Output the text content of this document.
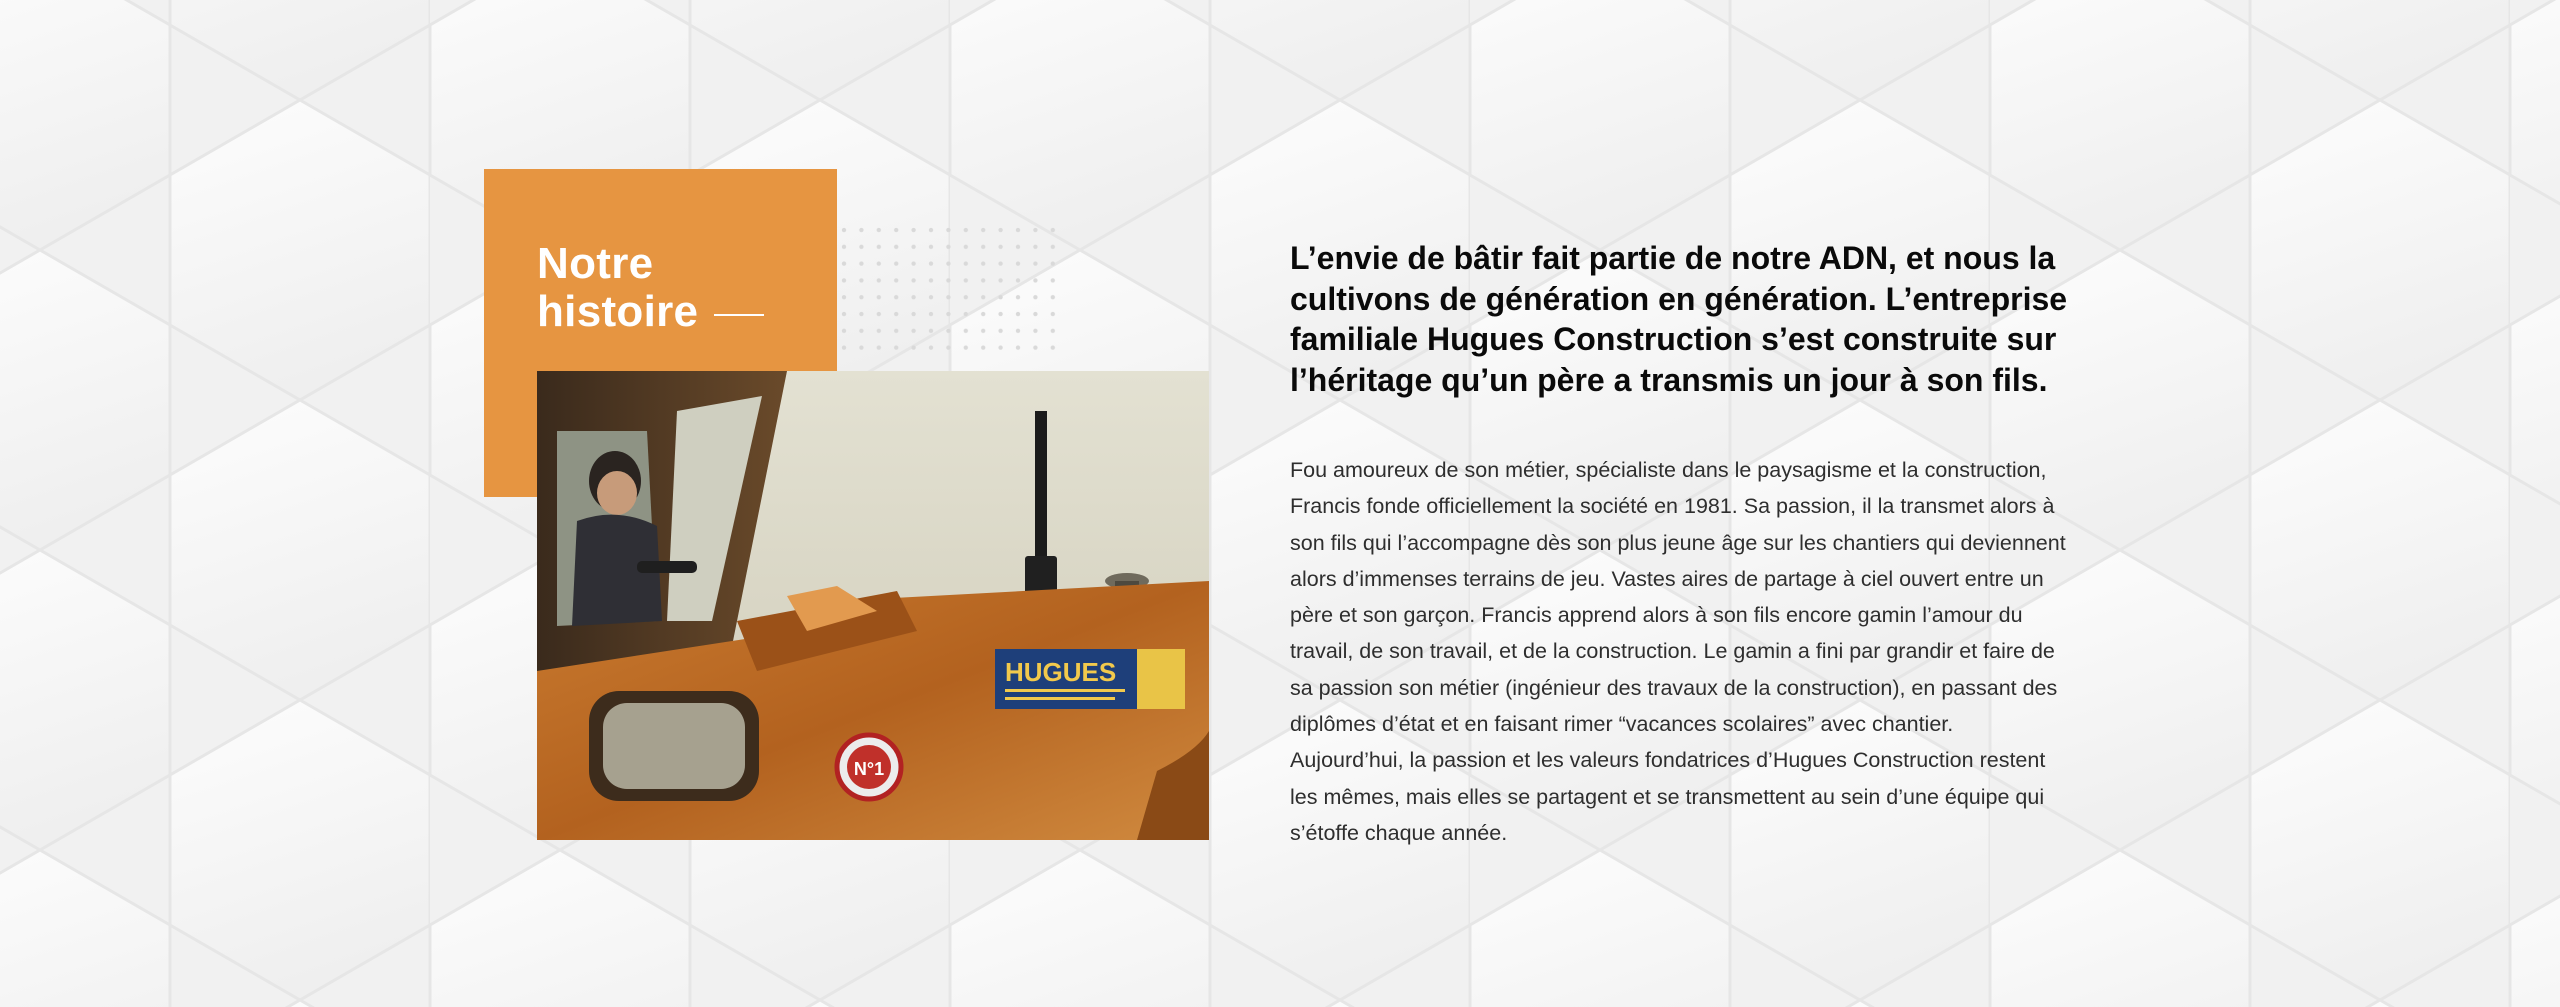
Notre

histoire
HUGUES
N°1

L’envie de bâtir fait partie de notre ADN, et nous la cultivons de génération en génération. L’entreprise familiale Hugues Construction s’est construite sur l’héritage qu’un père a transmis un jour à son fils.

Fou amoureux de son métier, spécialiste dans le paysagisme et la construction, Francis fonde officiellement la société en 1981. Sa passion, il la transmet alors à son fils qui l’accompagne dès son plus jeune âge sur les chantiers qui deviennent alors d’immenses terrains de jeu. Vastes aires de partage à ciel ouvert entre un père et son garçon. Francis apprend alors à son fils encore gamin l’amour du travail, de son travail, et de la construction. Le gamin a fini par grandir et faire de sa passion son métier (ingénieur des travaux de la construction), en passant des diplômes d’état et en faisant rimer “vacances scolaires” avec chantier. Aujourd’hui, la passion et les valeurs fondatrices d’Hugues Construction restent les mêmes, mais elles se partagent et se transmettent au sein d’une équipe qui s’étoffe chaque année.
